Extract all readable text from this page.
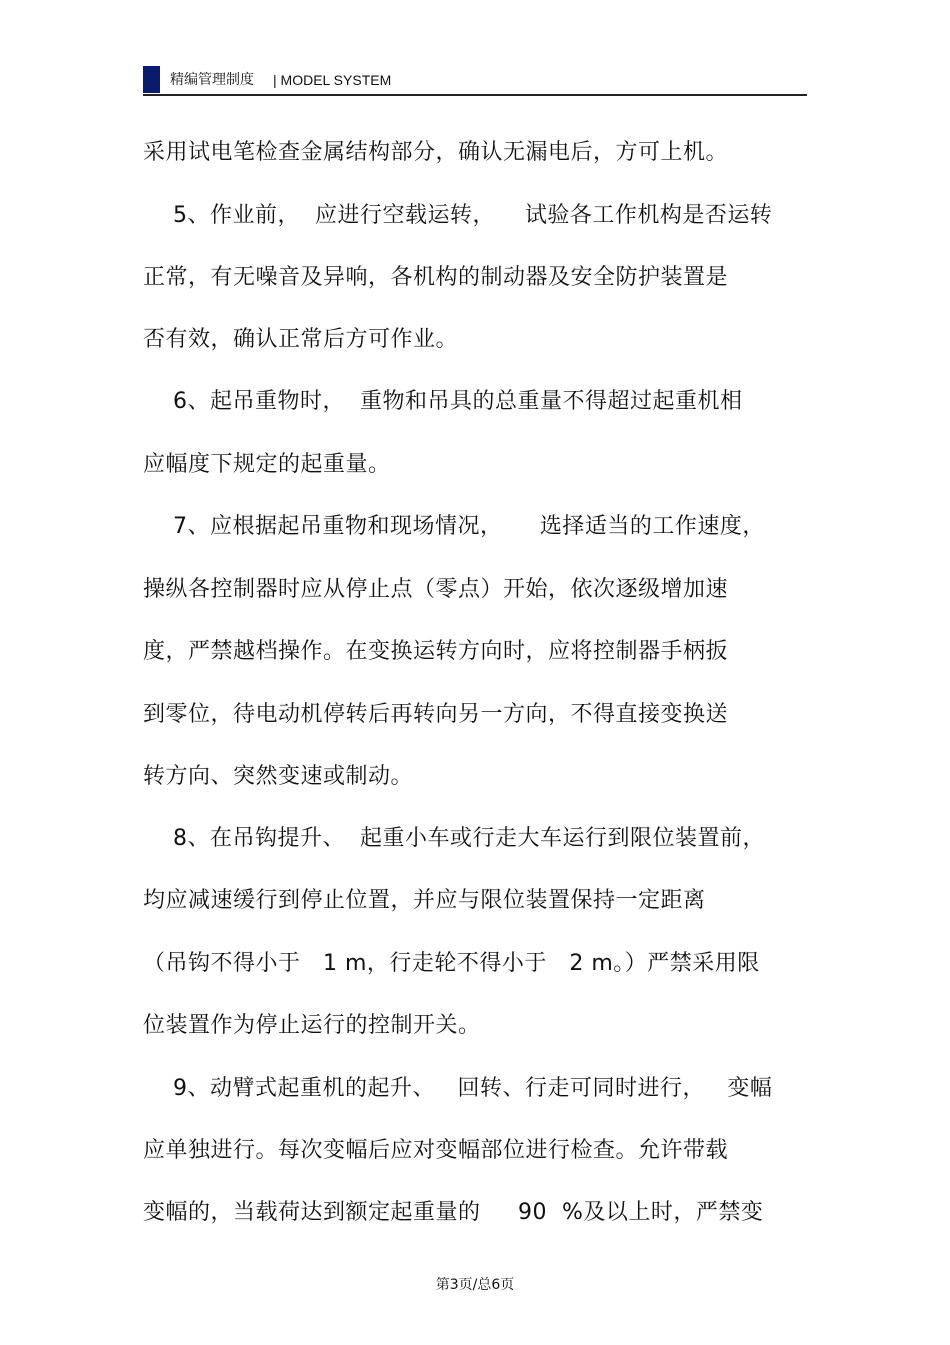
精编管理制度 | MODEL SYSTEM
采用试电笔检查金属结构部分，确认无漏电后，方可上机。
5、作业前，  应进行空载运转，    试验各工作机构是否运转
正常，有无噪音及异响，各机构的制动器及安全防护装置是
否有效，确认正常后方可作业。
6、起吊重物时，  重物和吊具的总重量不得超过起重机相
应幅度下规定的起重量。
7、应根据起吊重物和现场情况，     选择适当的工作速度，
操纵各控制器时应从停止点（零点）开始，依次逐级增加速
度，严禁越档操作。在变换运转方向时，应将控制器手柄扳
到零位，待电动机停转后再转向另一方向，不得直接变换送
转方向、突然变速或制动。
8、在吊钩提升、  起重小车或行走大车运行到限位装置前，
均应减速缓行到停止位置，并应与限位装置保持一定距离
（吊钩不得小于   1 m，行走轮不得小于   2 m。）严禁采用限
位装置作为停止运行的控制开关。
9、动臂式起重机的起升、   回转、行走可同时进行，   变幅
应单独进行。每次变幅后应对变幅部位进行检查。允许带载
变幅的，当载荷达到额定起重量的     90  %及以上时，严禁变
第3页/总6页
